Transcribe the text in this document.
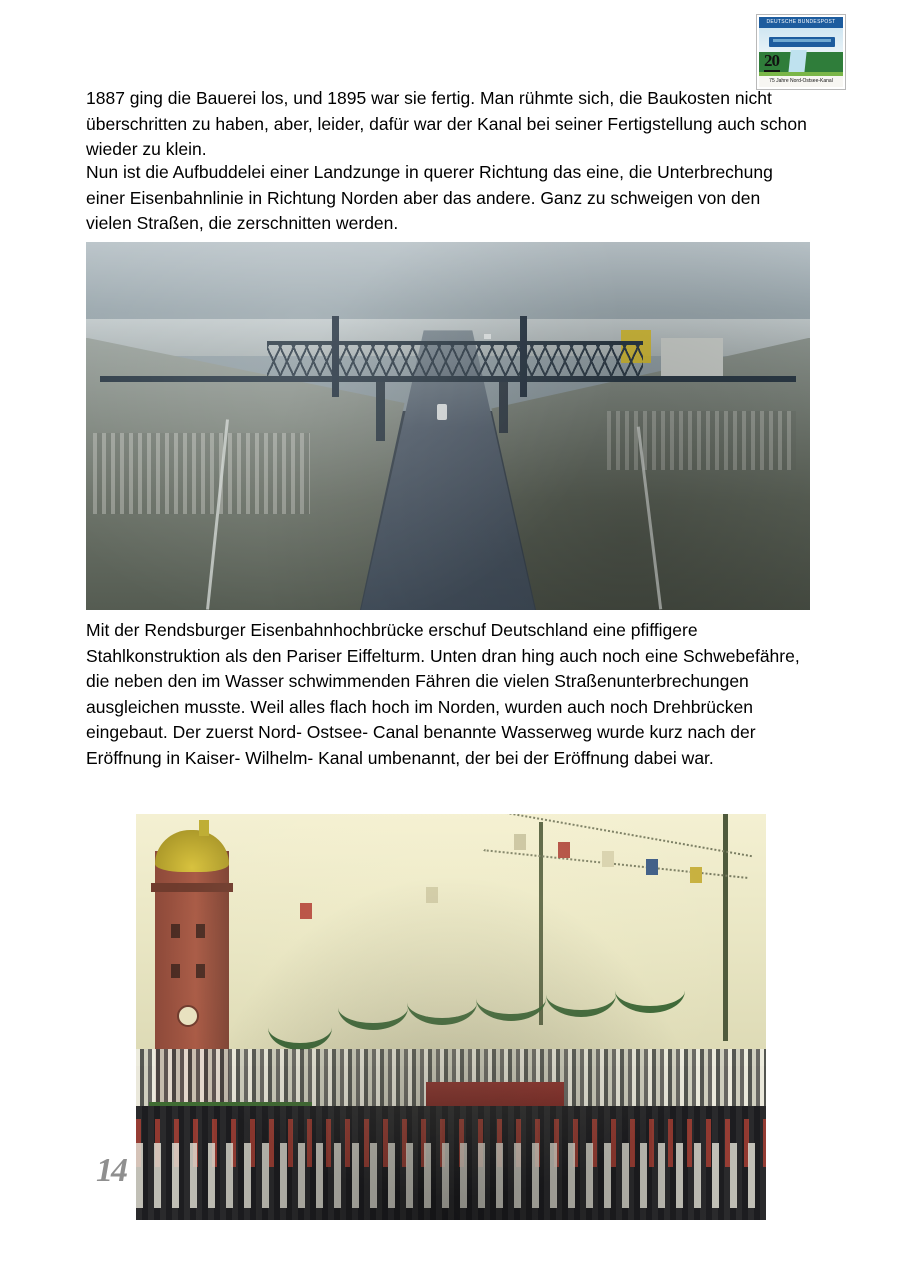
DEUTSCHE BUNDESPOST
20
75 Jahre Nord-Ostsee-Kanal
1887 ging die Bauerei los, und 1895 war sie fertig. Man rühmte sich, die Baukosten nicht überschritten zu haben, aber, leider, dafür war der Kanal bei seiner Fertigstellung auch schon wieder zu klein.
Nun ist die Aufbuddelei einer Landzunge in querer Richtung das eine, die Unterbrechung einer Eisenbahnlinie in Richtung Norden aber das andere. Ganz zu schweigen von den vielen Straßen, die zerschnitten werden.
Mit der Rendsburger Eisenbahnhochbrücke erschuf Deutschland eine pfiffigere Stahlkonstruktion als den Pariser Eiffelturm. Unten dran hing auch noch eine Schwebefähre, die neben den im Wasser schwimmenden Fähren die vielen Straßenunterbrechungen ausgleichen musste. Weil alles flach hoch im Norden, wurden auch noch Drehbrücken eingebaut. Der zuerst Nord- Ostsee- Canal benannte Wasserweg wurde kurz nach der Eröffnung in Kaiser- Wilhelm- Kanal umbenannt, der bei der Eröffnung dabei war.
14
